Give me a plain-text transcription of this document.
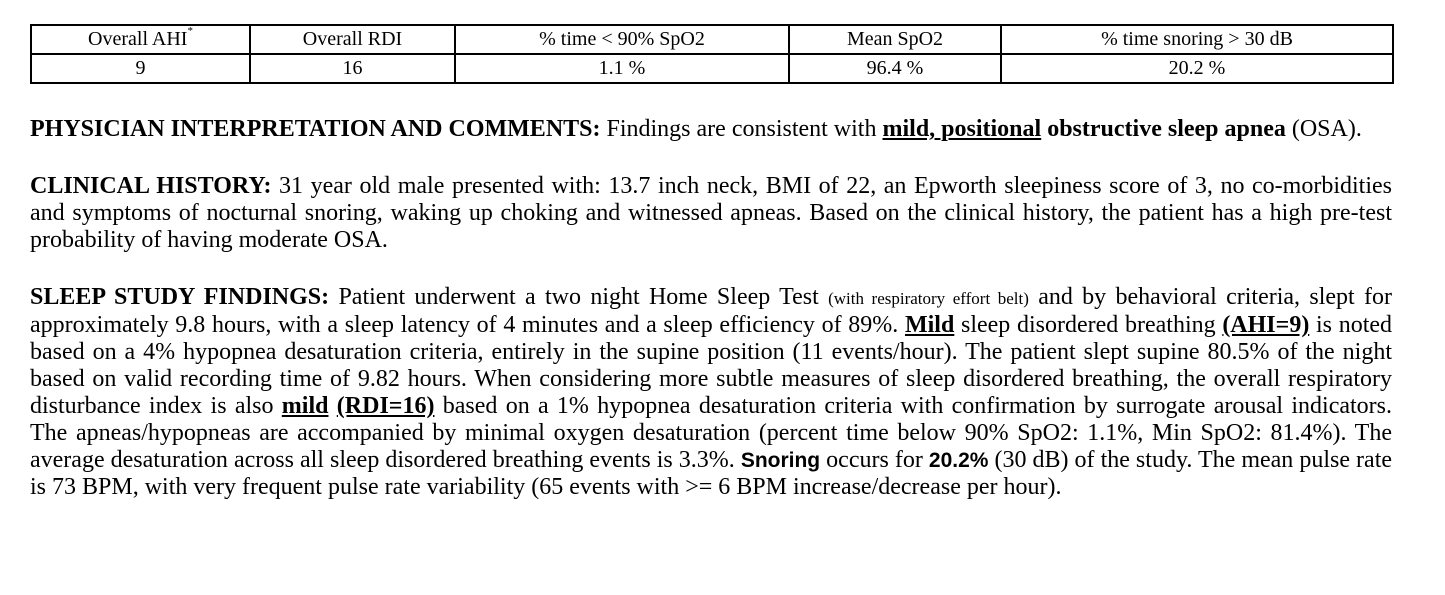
Overall AHI*	Overall RDI	% time < 90% SpO2	Mean SpO2	% time snoring > 30 dB
9	16	1.1 %	96.4 %	20.2 %

PHYSICIAN INTERPRETATION AND COMMENTS: Findings are consistent with mild, positional obstructive sleep apnea (OSA).

CLINICAL HISTORY: 31 year old male presented with: 13.7 inch neck, BMI of 22, an Epworth sleepiness score of 3, no co-morbidities and symptoms of nocturnal snoring, waking up choking and witnessed apneas. Based on the clinical history, the patient has a high pre-test probability of having moderate OSA.

SLEEP STUDY FINDINGS: Patient underwent a two night Home Sleep Test (with respiratory effort belt) and by behavioral criteria, slept for approximately 9.8 hours, with a sleep latency of 4 minutes and a sleep efficiency of 89%. Mild sleep disordered breathing (AHI=9) is noted based on a 4% hypopnea desaturation criteria, entirely in the supine position (11 events/hour). The patient slept supine 80.5% of the night based on valid recording time of 9.82 hours. When considering more subtle measures of sleep disordered breathing, the overall respiratory disturbance index is also mild (RDI=16) based on a 1% hypopnea desaturation criteria with confirmation by surrogate arousal indicators. The apneas/hypopneas are accompanied by minimal oxygen desaturation (percent time below 90% SpO2: 1.1%, Min SpO2: 81.4%). The average desaturation across all sleep disordered breathing events is 3.3%. Snoring occurs for 20.2% (30 dB) of the study. The mean pulse rate is 73 BPM, with very frequent pulse rate variability (65 events with >= 6 BPM increase/decrease per hour).
